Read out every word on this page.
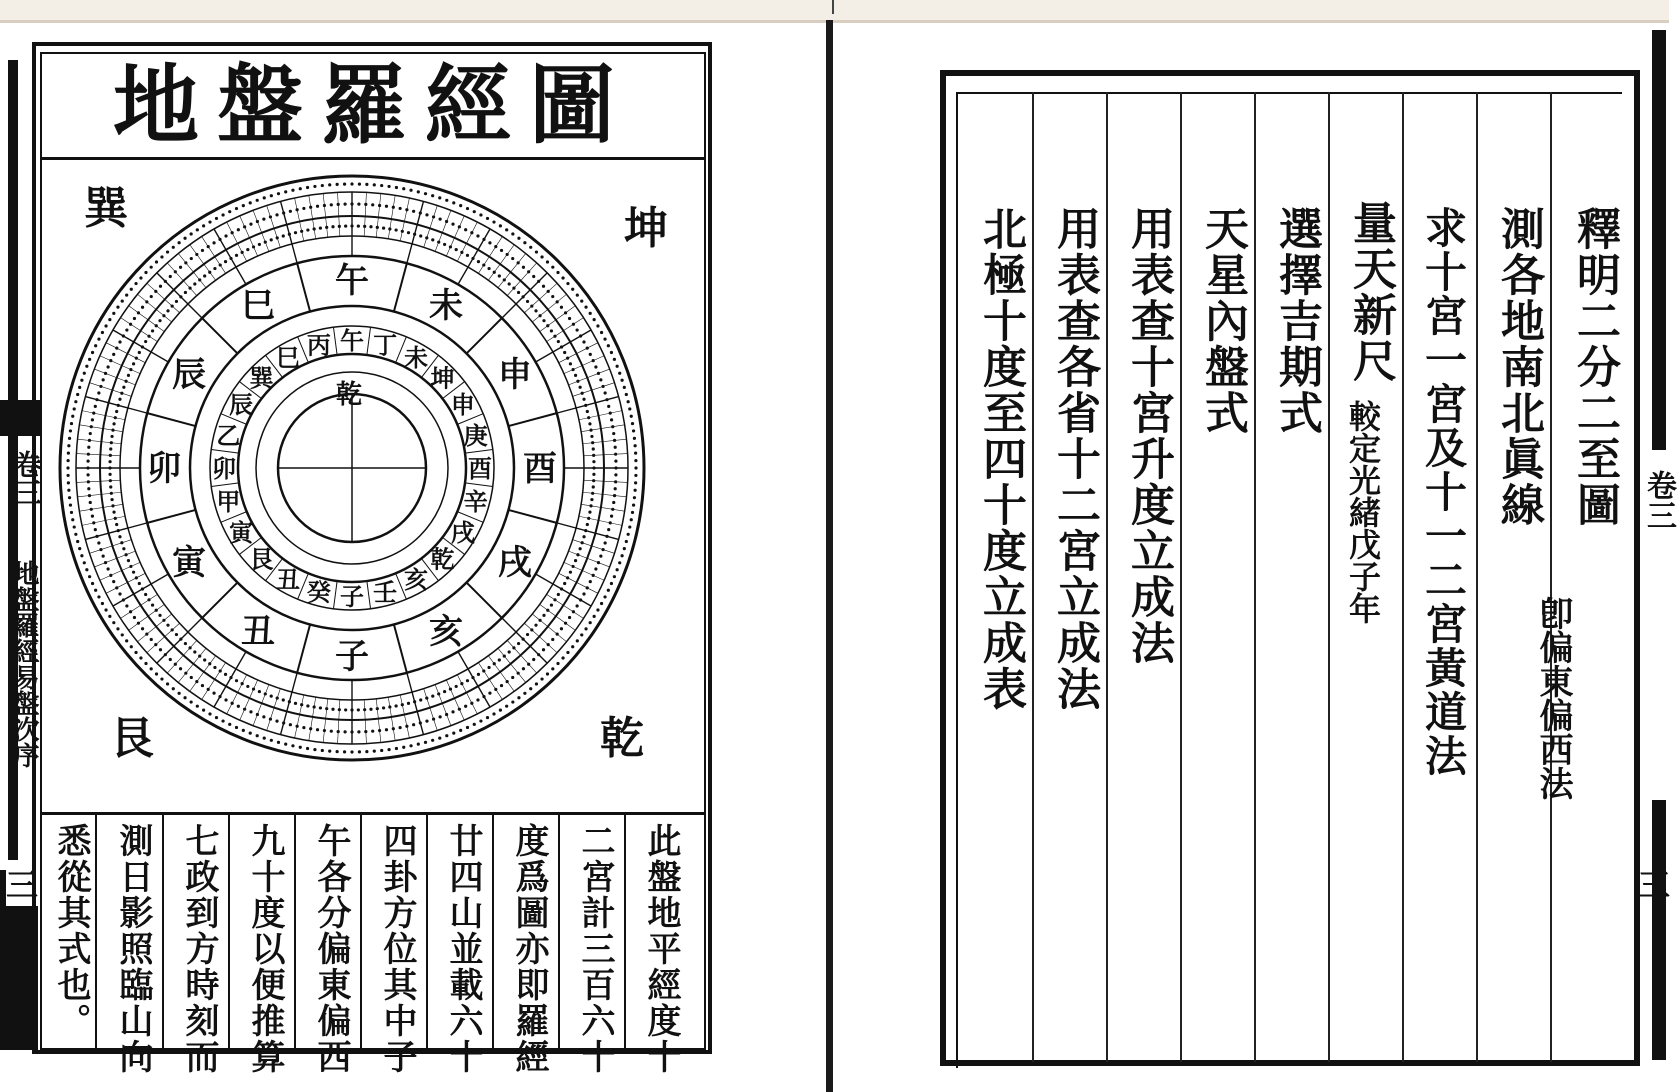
卷三
地盤羅經易盤次序
三
地盤羅經圖
午
未
申
酉
戌
亥
子
丑
寅
卯
辰
巳
丙 午 丁 未
坤
申
庚
酉
辛
戌
乾
亥
壬
子
癸
丑
艮
寅
甲
卯
乙
辰
巽
巳
巽	坤
艮	乾
乾
此盤地平經度十
二宮計三百六十
度爲圖亦即羅經
廿四山並載六十
四卦方位其中子
午各分偏東偏西
九十度以便推算
七政到方時刻而
測日影照臨山向
悉從其式也。
卷三
三
釋明二分二至圖
測各地南北眞線
卽偏東偏西法
求十宮一宮及十一二宮黃道法
量天新尺
較定光緒戊子年
選擇吉期式
天星內盤式
用表查十宮升度立成法
用表查各省十二宮立成法
北極十度至四十度立成表
